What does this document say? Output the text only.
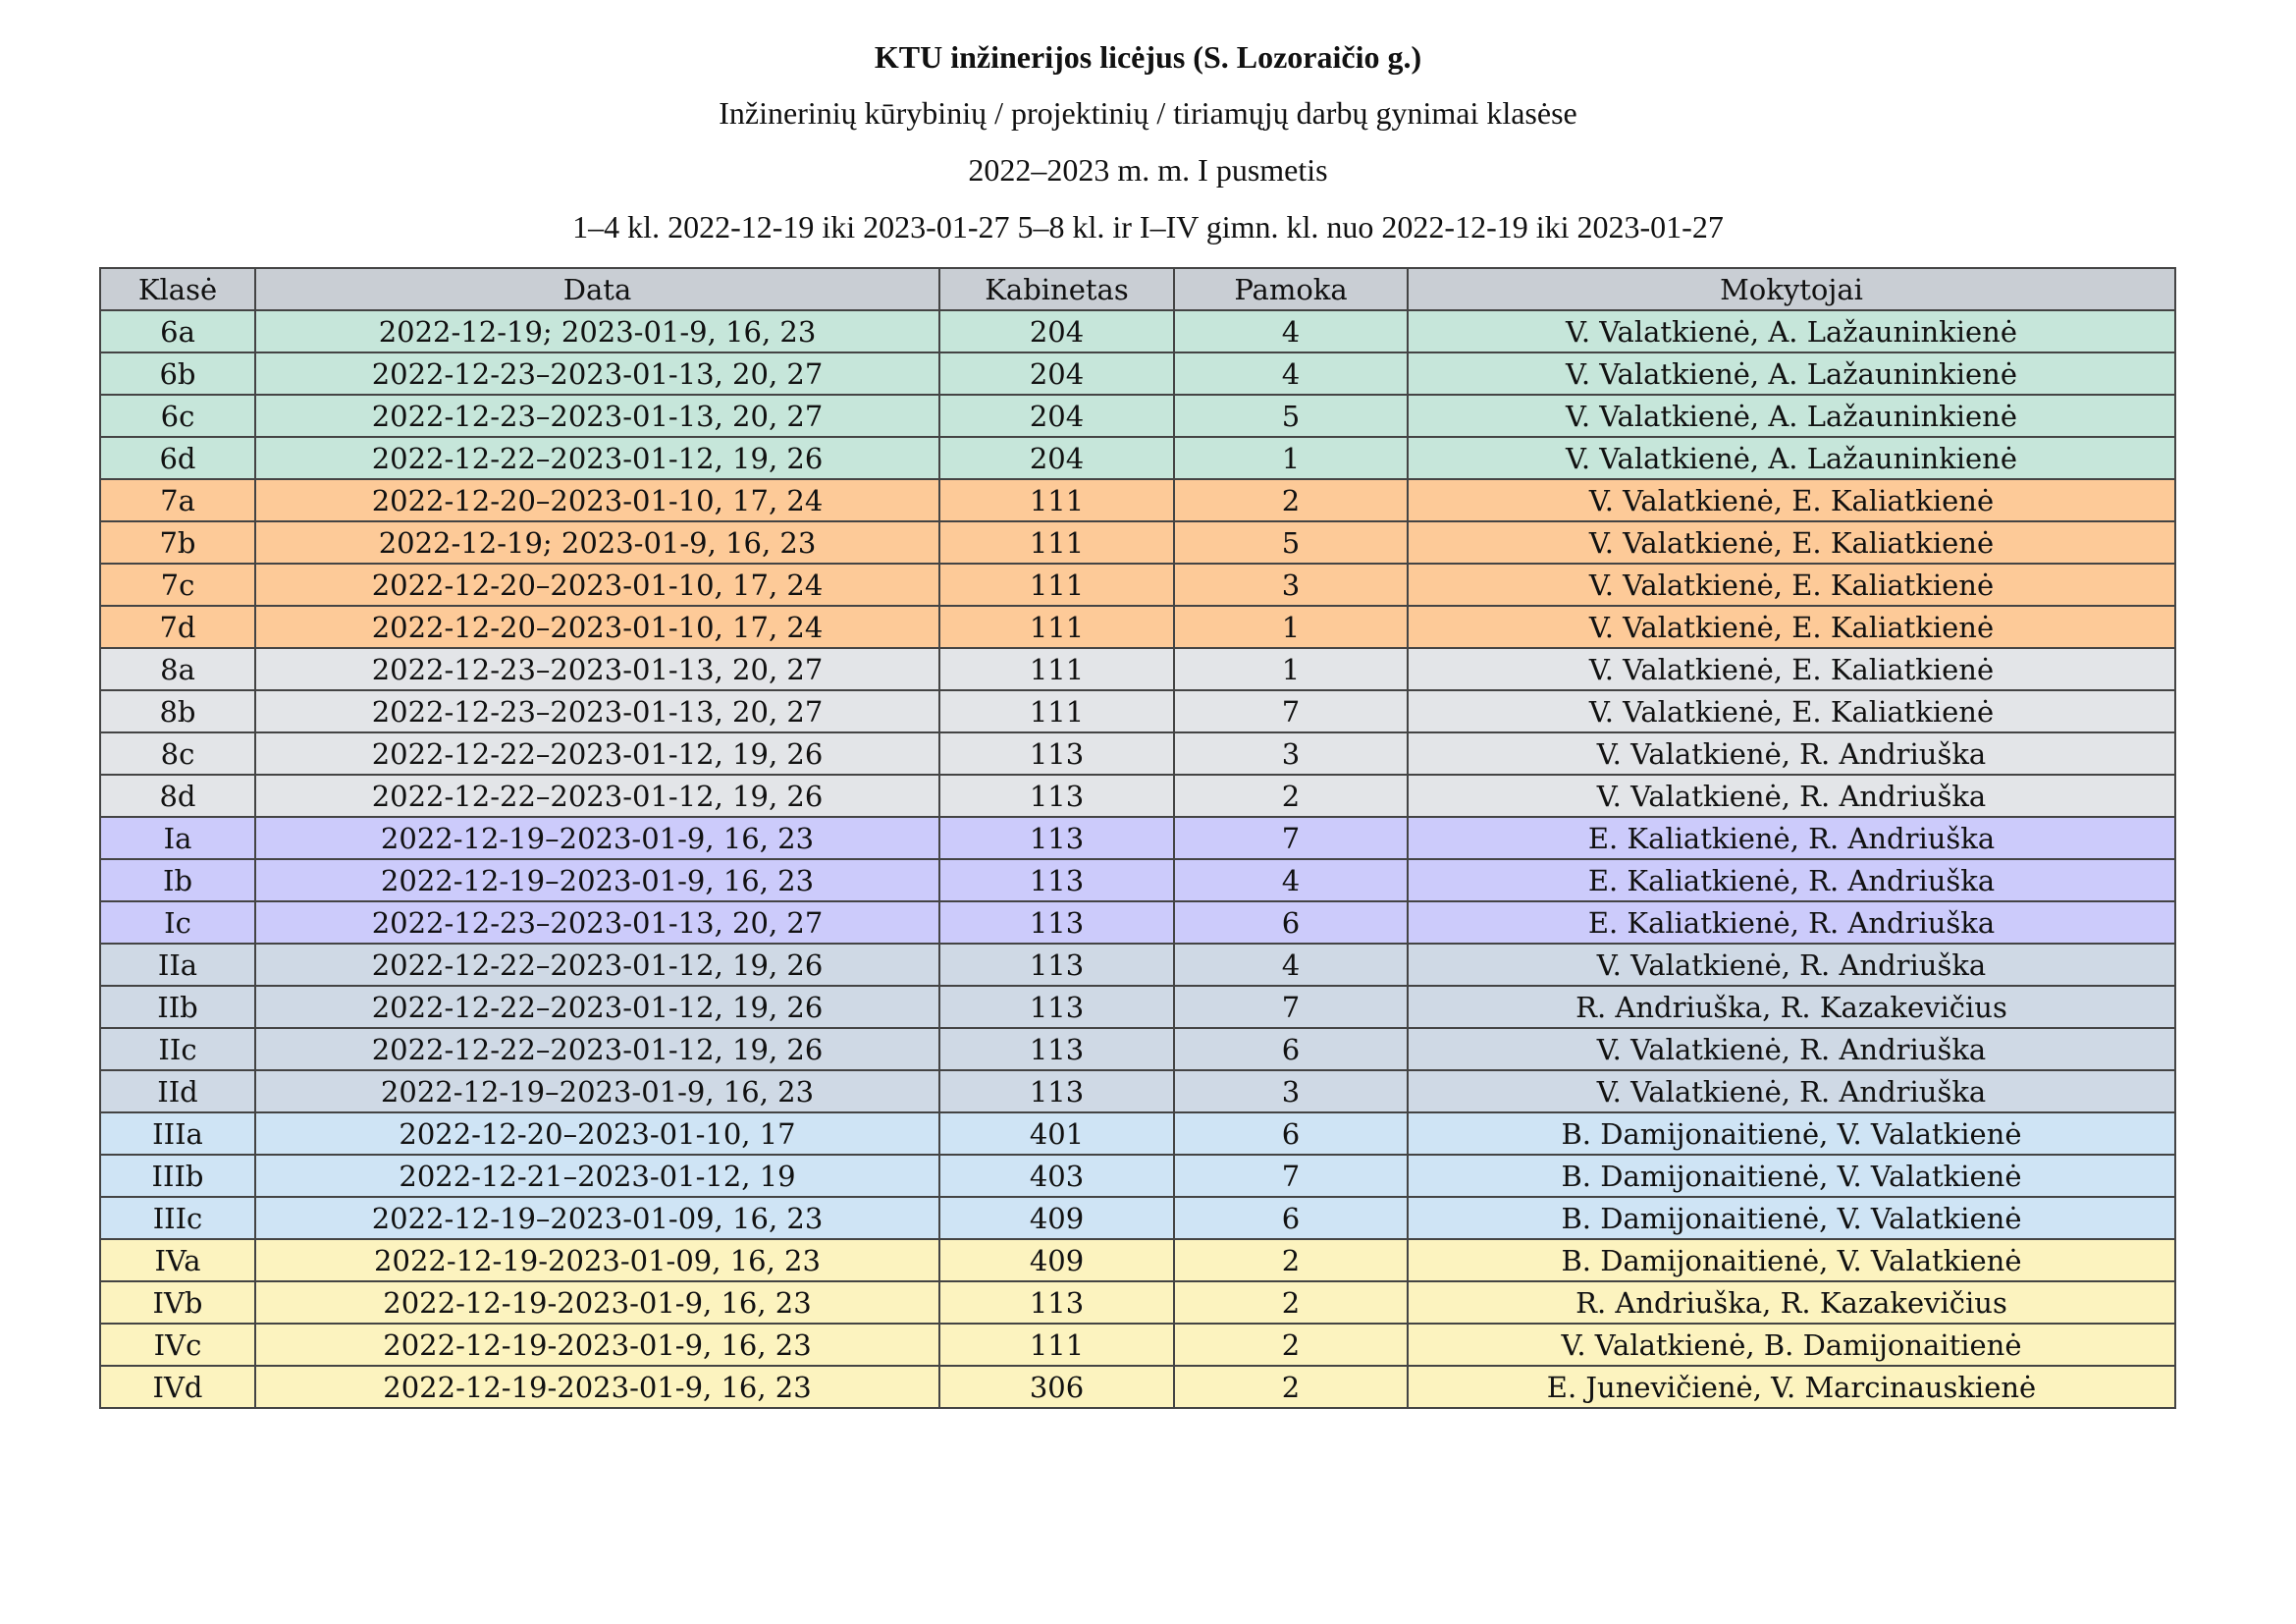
KTU inžinerijos licėjus (S. Lozoraičio g.)
Inžinerinių kūrybinių / projektinių / tiriamųjų darbų gynimai klasėse
2022–2023 m. m. I pusmetis
1–4 kl. 2022-12-19 iki 2023-01-27 5–8 kl. ir I–IV gimn. kl. nuo 2022-12-19 iki 2023-01-27
Klasė	Data	Kabinetas	Pamoka	Mokytojai
6a	2022-12-19; 2023-01-9, 16, 23	204	4	V. Valatkienė, A. Lažauninkienė
6b	2022-12-23–2023-01-13, 20, 27	204	4	V. Valatkienė, A. Lažauninkienė
6c	2022-12-23–2023-01-13, 20, 27	204	5	V. Valatkienė, A. Lažauninkienė
6d	2022-12-22–2023-01-12, 19, 26	204	1	V. Valatkienė, A. Lažauninkienė
7a	2022-12-20–2023-01-10, 17, 24	111	2	V. Valatkienė, E. Kaliatkienė
7b	2022-12-19; 2023-01-9, 16, 23	111	5	V. Valatkienė, E. Kaliatkienė
7c	2022-12-20–2023-01-10, 17, 24	111	3	V. Valatkienė, E. Kaliatkienė
7d	2022-12-20–2023-01-10, 17, 24	111	1	V. Valatkienė, E. Kaliatkienė
8a	2022-12-23–2023-01-13, 20, 27	111	1	V. Valatkienė, E. Kaliatkienė
8b	2022-12-23–2023-01-13, 20, 27	111	7	V. Valatkienė, E. Kaliatkienė
8c	2022-12-22–2023-01-12, 19, 26	113	3	V. Valatkienė, R. Andriuška
8d	2022-12-22–2023-01-12, 19, 26	113	2	V. Valatkienė, R. Andriuška
Ia	2022-12-19–2023-01-9, 16, 23	113	7	E. Kaliatkienė, R. Andriuška
Ib	2022-12-19–2023-01-9, 16, 23	113	4	E. Kaliatkienė, R. Andriuška
Ic	2022-12-23–2023-01-13, 20, 27	113	6	E. Kaliatkienė, R. Andriuška
IIa	2022-12-22–2023-01-12, 19, 26	113	4	V. Valatkienė, R. Andriuška
IIb	2022-12-22–2023-01-12, 19, 26	113	7	R. Andriuška, R. Kazakevičius
IIc	2022-12-22–2023-01-12, 19, 26	113	6	V. Valatkienė, R. Andriuška
IId	2022-12-19–2023-01-9, 16, 23	113	3	V. Valatkienė, R. Andriuška
IIIa	2022-12-20–2023-01-10, 17	401	6	B. Damijonaitienė, V. Valatkienė
IIIb	2022-12-21–2023-01-12, 19	403	7	B. Damijonaitienė, V. Valatkienė
IIIc	2022-12-19–2023-01-09, 16, 23	409	6	B. Damijonaitienė, V. Valatkienė
IVa	2022-12-19-2023-01-09, 16, 23	409	2	B. Damijonaitienė, V. Valatkienė
IVb	2022-12-19-2023-01-9, 16, 23	113	2	R. Andriuška, R. Kazakevičius
IVc	2022-12-19-2023-01-9, 16, 23	111	2	V. Valatkienė, B. Damijonaitienė
IVd	2022-12-19-2023-01-9, 16, 23	306	2	E. Junevičienė, V. Marcinauskienė
